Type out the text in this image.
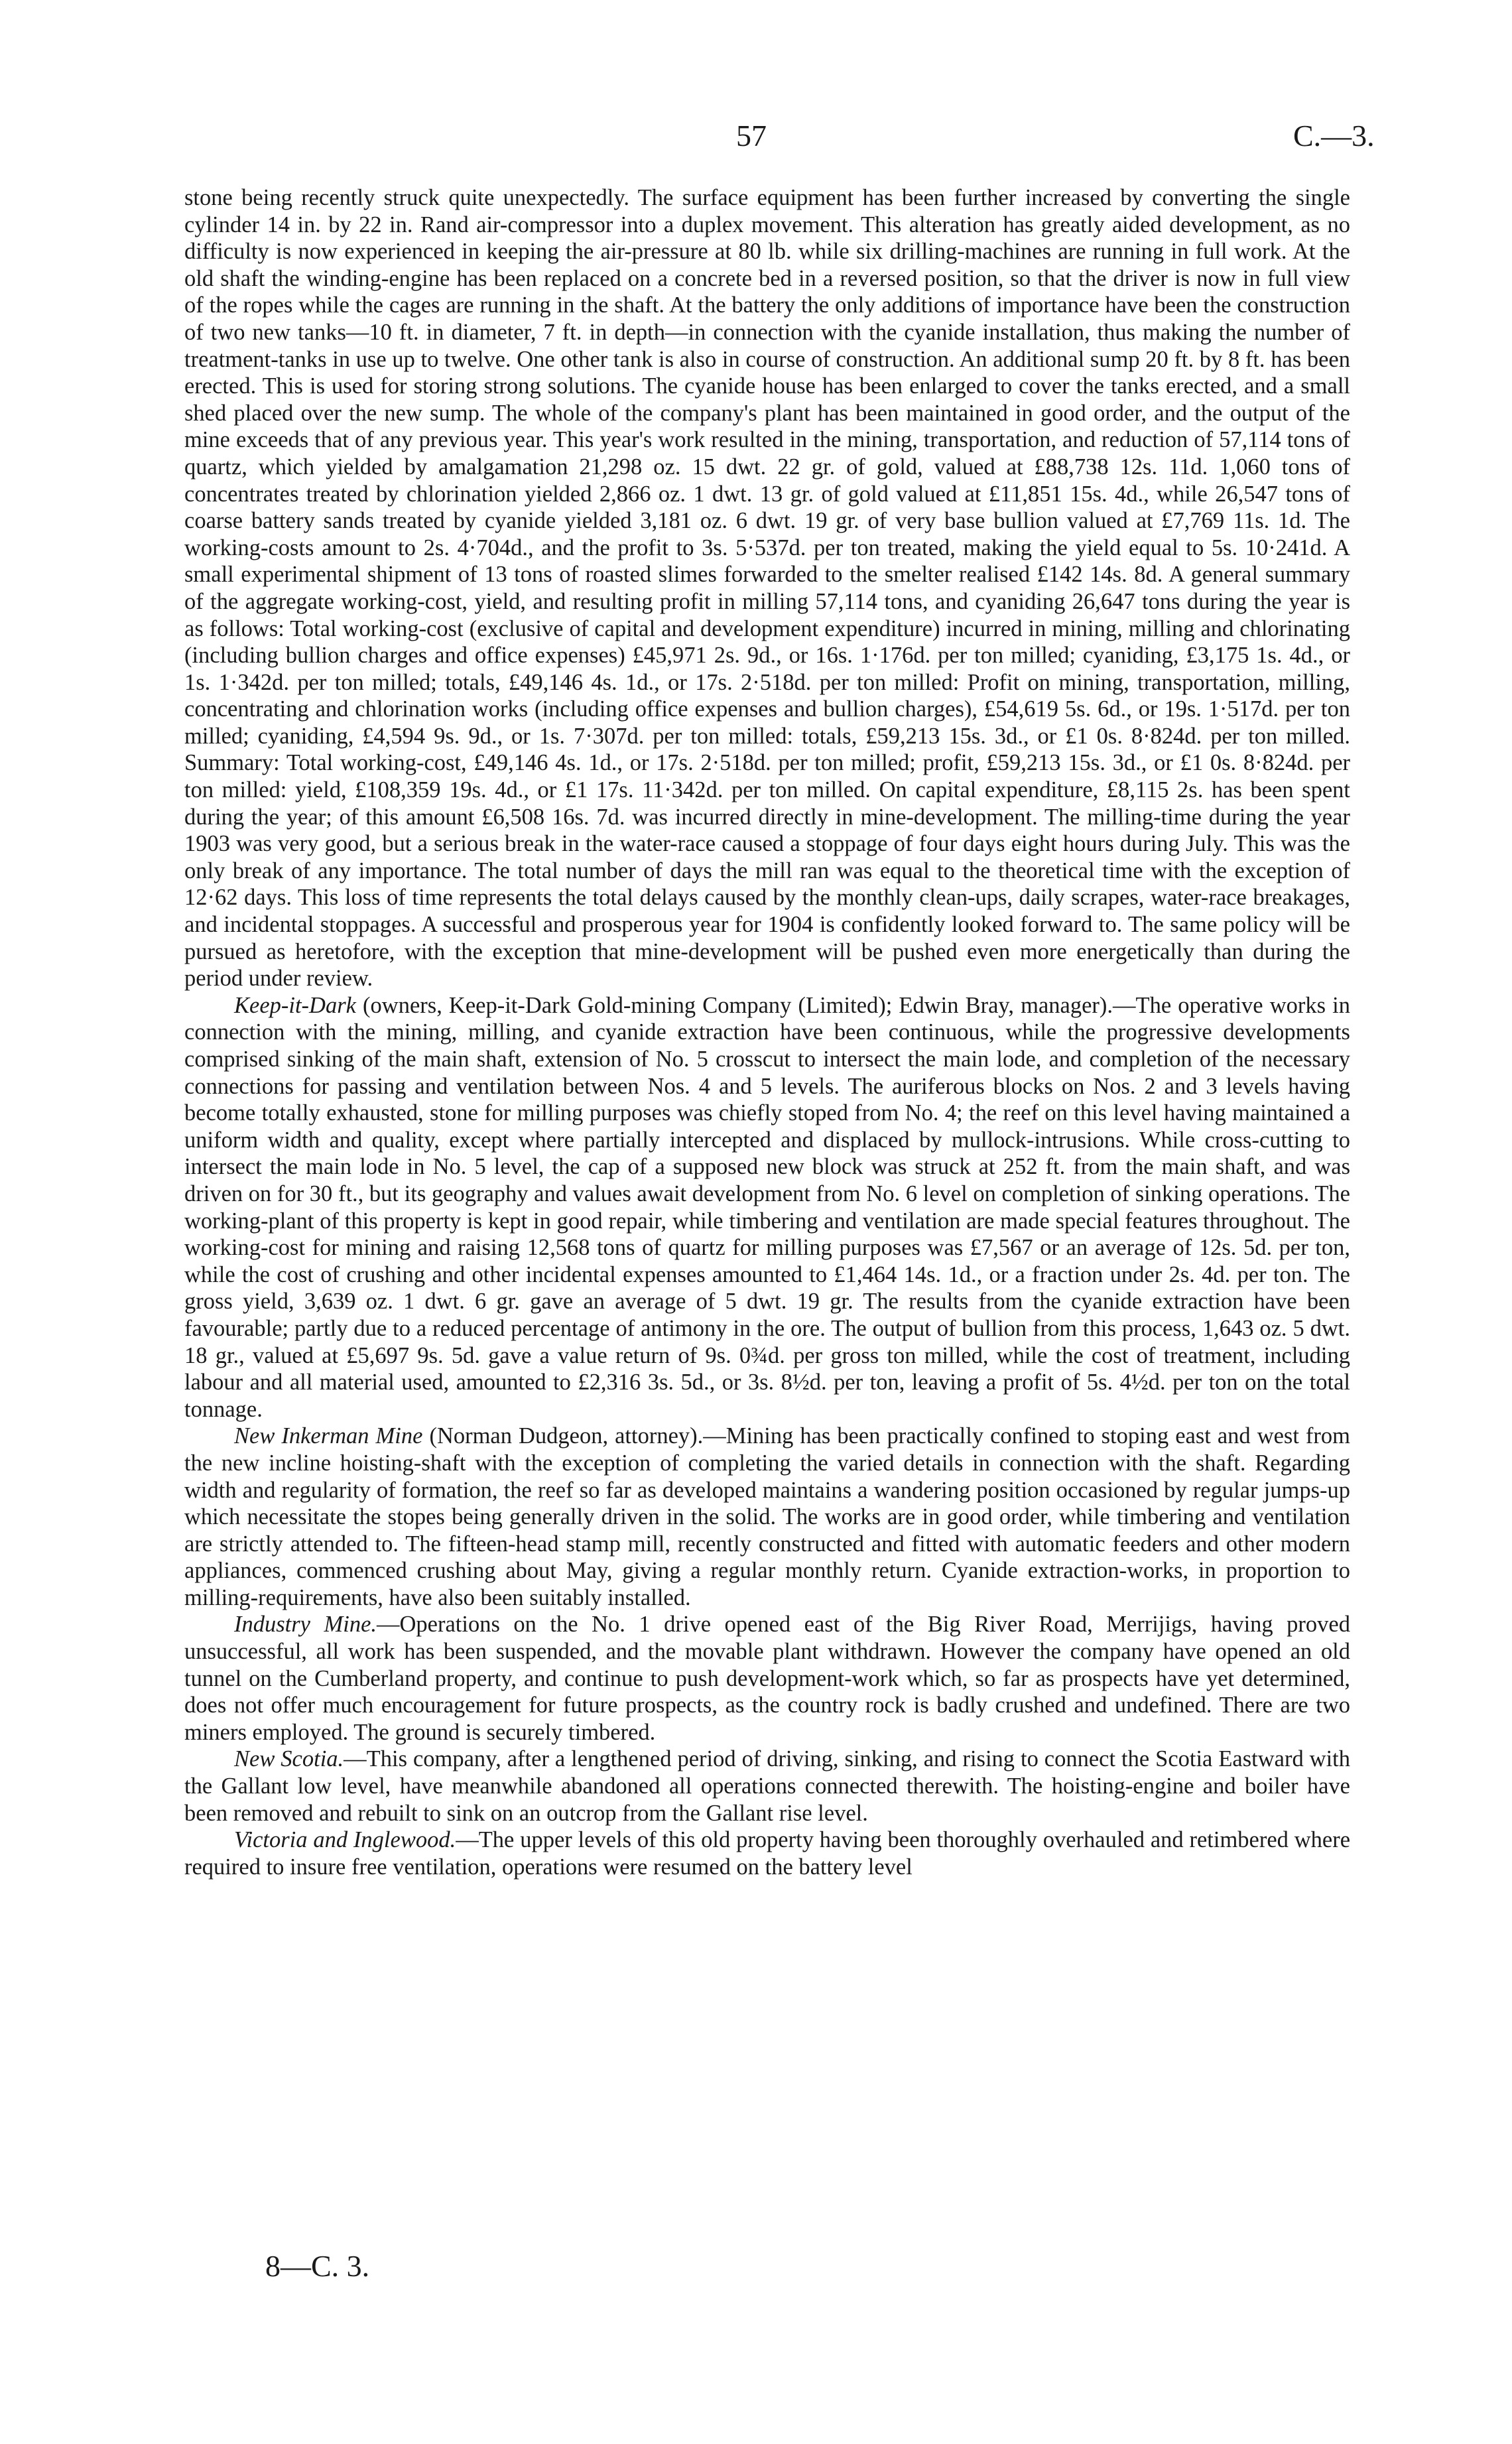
57	C.—3.

stone being recently struck quite unexpectedly. The surface equipment has been further increased by converting the single cylinder 14 in. by 22 in. Rand air-compressor into a duplex movement. This alteration has greatly aided development, as no difficulty is now experienced in keeping the air-pressure at 80 lb. while six drilling-machines are running in full work. At the old shaft the winding-engine has been replaced on a concrete bed in a reversed position, so that the driver is now in full view of the ropes while the cages are running in the shaft. At the battery the only additions of importance have been the construction of two new tanks—10 ft. in diameter, 7 ft. in depth—in connection with the cyanide installation, thus making the number of treatment-tanks in use up to twelve. One other tank is also in course of construction. An additional sump 20 ft. by 8 ft. has been erected. This is used for storing strong solutions. The cyanide house has been enlarged to cover the tanks erected, and a small shed placed over the new sump. The whole of the company's plant has been maintained in good order, and the output of the mine exceeds that of any previous year. This year's work resulted in the mining, transportation, and reduction of 57,114 tons of quartz, which yielded by amalgamation 21,298 oz. 15 dwt. 22 gr. of gold, valued at £88,738 12s. 11d. 1,060 tons of concentrates treated by chlorination yielded 2,866 oz. 1 dwt. 13 gr. of gold valued at £11,851 15s. 4d., while 26,547 tons of coarse battery sands treated by cyanide yielded 3,181 oz. 6 dwt. 19 gr. of very base bullion valued at £7,769 11s. 1d. The working-costs amount to 2s. 4·704d., and the profit to 3s. 5·537d. per ton treated, making the yield equal to 5s. 10·241d. A small experimental shipment of 13 tons of roasted slimes forwarded to the smelter realised £142 14s. 8d. A general summary of the aggregate working-cost, yield, and resulting profit in milling 57,114 tons, and cyaniding 26,647 tons during the year is as follows: Total working-cost (exclusive of capital and development expenditure) incurred in mining, milling and chlorinating (including bullion charges and office expenses) £45,971 2s. 9d., or 16s. 1·176d. per ton milled; cyaniding, £3,175 1s. 4d., or 1s. 1·342d. per ton milled; totals, £49,146 4s. 1d., or 17s. 2·518d. per ton milled: Profit on mining, transportation, milling, concentrating and chlorination works (including office expenses and bullion charges), £54,619 5s. 6d., or 19s. 1·517d. per ton milled; cyaniding, £4,594 9s. 9d., or 1s. 7·307d. per ton milled: totals, £59,213 15s. 3d., or £1 0s. 8·824d. per ton milled. Summary: Total working-cost, £49,146 4s. 1d., or 17s. 2·518d. per ton milled; profit, £59,213 15s. 3d., or £1 0s. 8·824d. per ton milled: yield, £108,359 19s. 4d., or £1 17s. 11·342d. per ton milled. On capital expenditure, £8,115 2s. has been spent during the year; of this amount £6,508 16s. 7d. was incurred directly in mine-development. The milling-time during the year 1903 was very good, but a serious break in the water-race caused a stoppage of four days eight hours during July. This was the only break of any importance. The total number of days the mill ran was equal to the theoretical time with the exception of 12·62 days. This loss of time represents the total delays caused by the monthly clean-ups, daily scrapes, water-race breakages, and incidental stoppages. A successful and prosperous year for 1904 is confidently looked forward to. The same policy will be pursued as heretofore, with the exception that mine-development will be pushed even more energetically than during the period under review.

Keep-it-Dark (owners, Keep-it-Dark Gold-mining Company (Limited); Edwin Bray, manager).—The operative works in connection with the mining, milling, and cyanide extraction have been continuous, while the progressive developments comprised sinking of the main shaft, extension of No. 5 crosscut to intersect the main lode, and completion of the necessary connections for passing and ventilation between Nos. 4 and 5 levels. The auriferous blocks on Nos. 2 and 3 levels having become totally exhausted, stone for milling purposes was chiefly stoped from No. 4; the reef on this level having maintained a uniform width and quality, except where partially intercepted and displaced by mullock-intrusions. While cross-cutting to intersect the main lode in No. 5 level, the cap of a supposed new block was struck at 252 ft. from the main shaft, and was driven on for 30 ft., but its geography and values await development from No. 6 level on completion of sinking operations. The working-plant of this property is kept in good repair, while timbering and ventilation are made special features throughout. The working-cost for mining and raising 12,568 tons of quartz for milling purposes was £7,567 or an average of 12s. 5d. per ton, while the cost of crushing and other incidental expenses amounted to £1,464 14s. 1d., or a fraction under 2s. 4d. per ton. The gross yield, 3,639 oz. 1 dwt. 6 gr. gave an average of 5 dwt. 19 gr. The results from the cyanide extraction have been favourable; partly due to a reduced percentage of antimony in the ore. The output of bullion from this process, 1,643 oz. 5 dwt. 18 gr., valued at £5,697 9s. 5d. gave a value return of 9s. 0¾d. per gross ton milled, while the cost of treatment, including labour and all material used, amounted to £2,316 3s. 5d., or 3s. 8½d. per ton, leaving a profit of 5s. 4½d. per ton on the total tonnage.

New Inkerman Mine (Norman Dudgeon, attorney).—Mining has been practically confined to stoping east and west from the new incline hoisting-shaft with the exception of completing the varied details in connection with the shaft. Regarding width and regularity of formation, the reef so far as developed maintains a wandering position occasioned by regular jumps-up which necessitate the stopes being generally driven in the solid. The works are in good order, while timbering and ventilation are strictly attended to. The fifteen-head stamp mill, recently constructed and fitted with automatic feeders and other modern appliances, commenced crushing about May, giving a regular monthly return. Cyanide extraction-works, in proportion to milling-requirements, have also been suitably installed.

Industry Mine.—Operations on the No. 1 drive opened east of the Big River Road, Merrijigs, having proved unsuccessful, all work has been suspended, and the movable plant withdrawn. However the company have opened an old tunnel on the Cumberland property, and continue to push development-work which, so far as prospects have yet determined, does not offer much encouragement for future prospects, as the country rock is badly crushed and undefined. There are two miners employed. The ground is securely timbered.

New Scotia.—This company, after a lengthened period of driving, sinking, and rising to connect the Scotia Eastward with the Gallant low level, have meanwhile abandoned all operations connected therewith. The hoisting-engine and boiler have been removed and rebuilt to sink on an outcrop from the Gallant rise level.

Victoria and Inglewood.—The upper levels of this old property having been thoroughly overhauled and retimbered where required to insure free ventilation, operations were resumed on the battery level

8—C. 3.
